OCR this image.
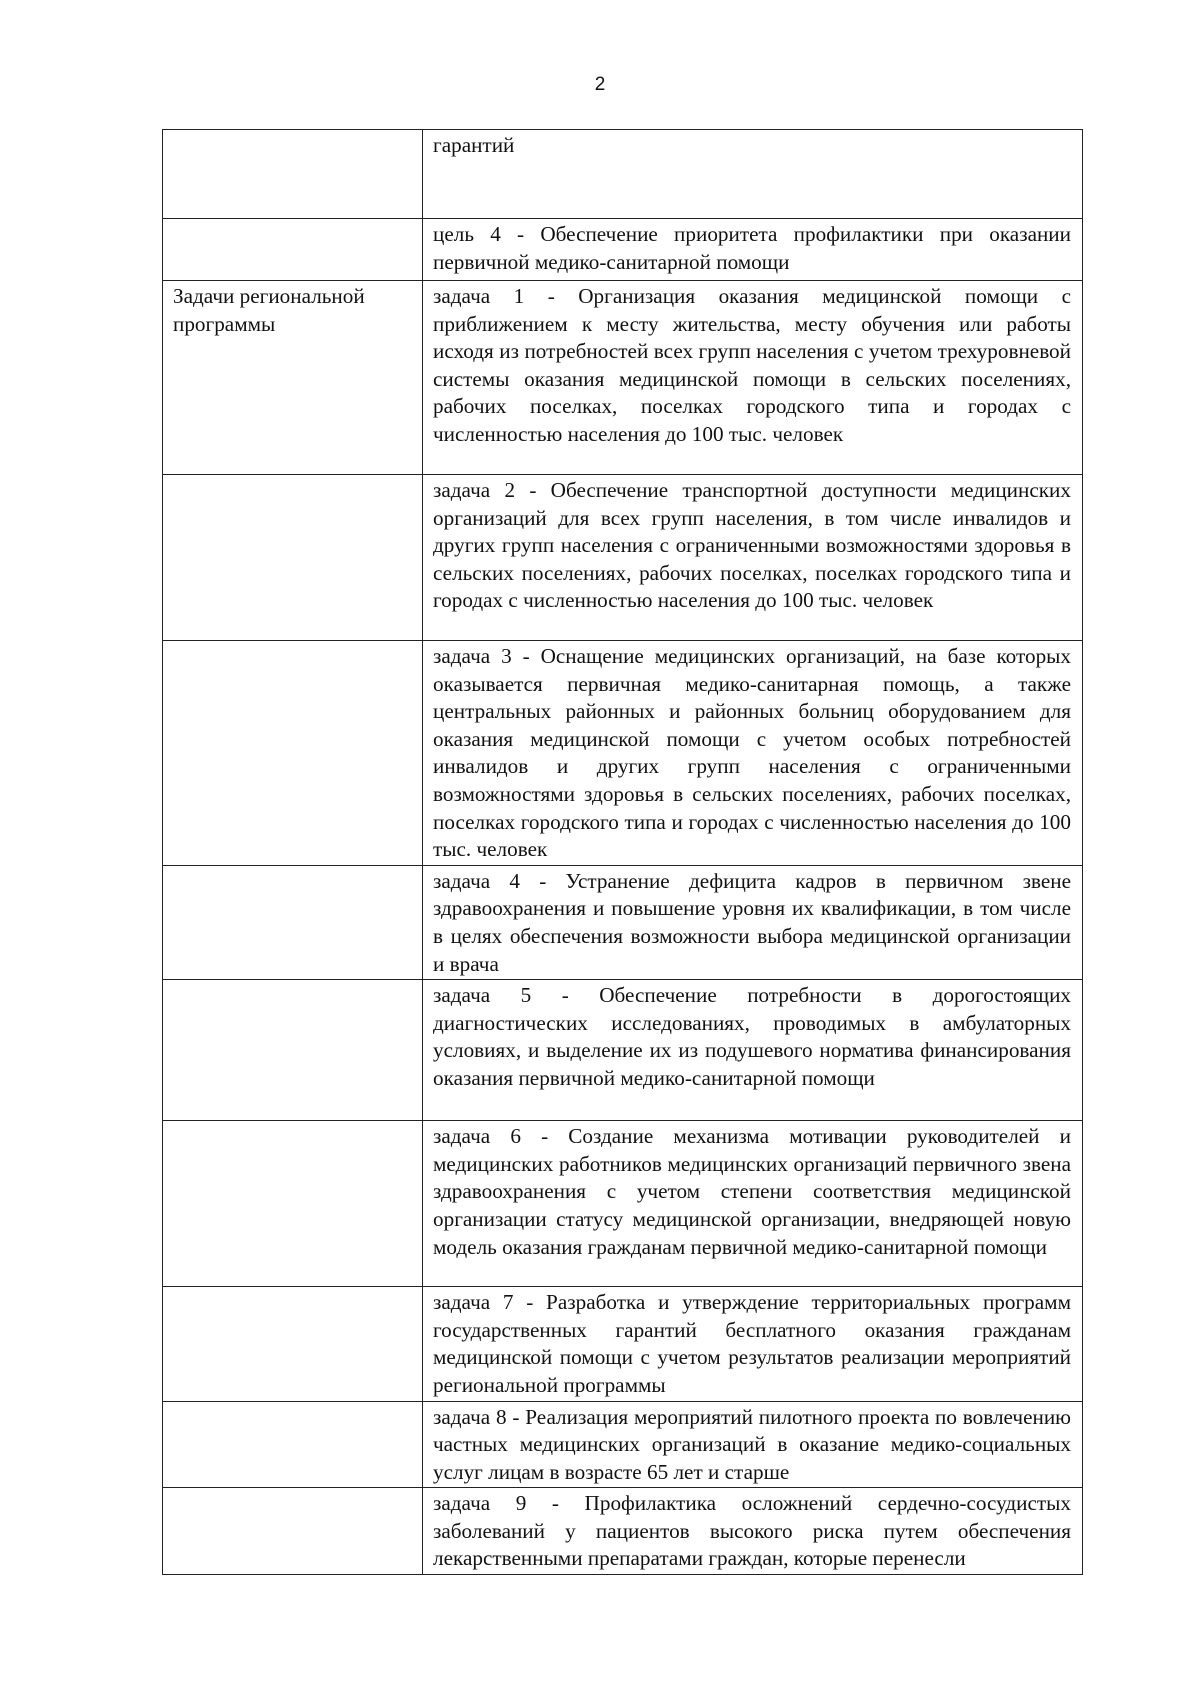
2
	гарантий
	цель 4 - Обеспечение приоритета профилактики при оказании первичной медико-санитарной помощи
Задачи региональной программы	задача 1 - Организация оказания медицинской помощи с приближением к месту жительства, месту обучения или работы исходя из потребностей всех групп населения с учетом трехуровневой системы оказания медицинской помощи в сельских поселениях, рабочих поселках, поселках городского типа и городах с численностью населения до 100 тыс. человек
	задача 2 - Обеспечение транспортной доступности медицинских организаций для всех групп населения, в том числе инвалидов и других групп населения с ограниченными возможностями здоровья в сельских поселениях, рабочих поселках, поселках городского типа и городах с численностью населения до 100 тыс. человек
	задача 3 - Оснащение медицинских организаций, на базе которых оказывается первичная медико-санитарная помощь, а также центральных районных и районных больниц оборудованием для оказания медицинской помощи с учетом особых потребностей инвалидов и других групп населения с ограниченными возможностями здоровья в сельских поселениях, рабочих поселках, поселках городского типа и городах с численностью населения до 100 тыс. человек
	задача 4 - Устранение дефицита кадров в первичном звене здравоохранения и повышение уровня их квалификации, в том числе в целях обеспечения возможности выбора медицинской организации и врача
	задача 5 - Обеспечение потребности в дорогостоящих диагностических исследованиях, проводимых в амбулаторных условиях, и выделение их из подушевого норматива финансирования оказания первичной медико-санитарной помощи
	задача 6 - Создание механизма мотивации руководителей и медицинских работников медицинских организаций первичного звена здравоохранения с учетом степени соответствия медицинской организации статусу медицинской организации, внедряющей новую модель оказания гражданам первичной медико-санитарной помощи
	задача 7 - Разработка и утверждение территориальных программ государственных гарантий бесплатного оказания гражданам медицинской помощи с учетом результатов реализации мероприятий региональной программы
	задача 8 - Реализация мероприятий пилотного проекта по вовлечению частных медицинских организаций в оказание медико-социальных услуг лицам в возрасте 65 лет и старше
	задача 9 - Профилактика осложнений сердечно-сосудистых заболеваний у пациентов высокого риска путем обеспечения лекарственными препаратами граждан, которые перенесли
